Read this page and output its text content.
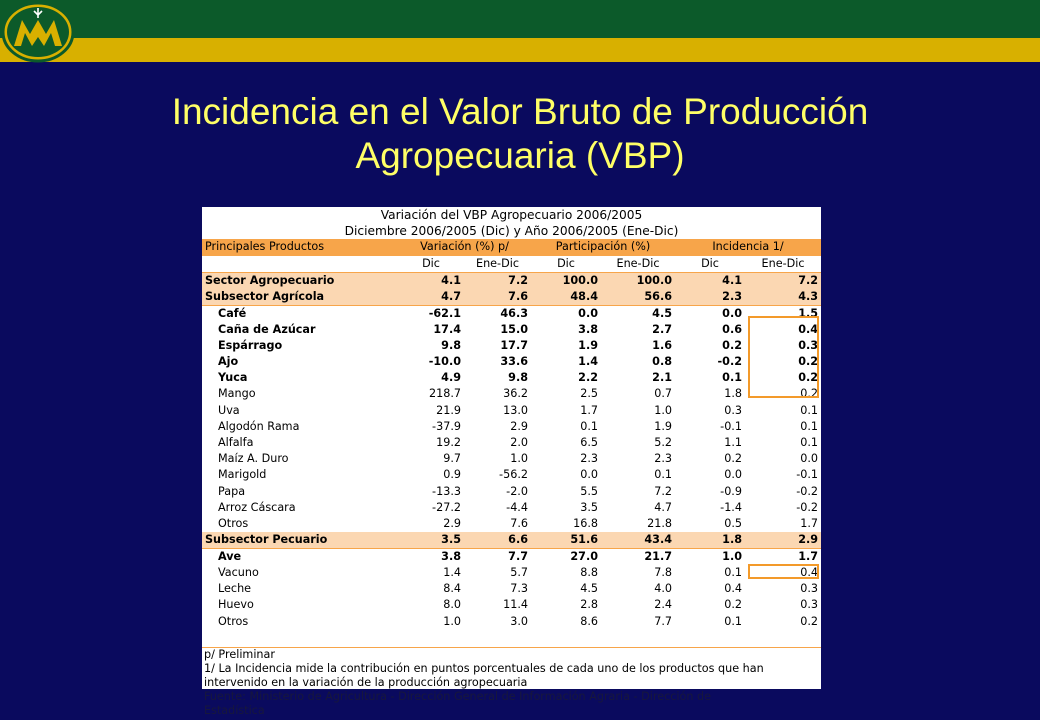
Incidencia en el Valor Bruto de Producción
Agropecuaria (VBP)
Variación del VBP Agropecuario 2006/2005						
Diciembre 2006/2005 (Dic) y Año 2006/2005 (Ene-Dic)						
Principales Productos	Variación (%) p/		Participación (%)		Incidencia 1/	
	Dic	Ene-Dic	Dic	Ene-Dic	Dic	Ene-Dic
Sector Agropecuario	4.1	7.2	100.0	100.0	4.1	7.2
Subsector Agrícola	4.7	7.6	48.4	56.6	2.3	4.3
Café	-62.1	46.3	0.0	4.5	0.0	1.5
Caña de Azúcar	17.4	15.0	3.8	2.7	0.6	0.4
Espárrago	9.8	17.7	1.9	1.6	0.2	0.3
Ajo	-10.0	33.6	1.4	0.8	-0.2	0.2
Yuca	4.9	9.8	2.2	2.1	0.1	0.2
Mango	218.7	36.2	2.5	0.7	1.8	0.2
Uva	21.9	13.0	1.7	1.0	0.3	0.1
Algodón Rama	-37.9	2.9	0.1	1.9	-0.1	0.1
Alfalfa	19.2	2.0	6.5	5.2	1.1	0.1
Maíz A. Duro	9.7	1.0	2.3	2.3	0.2	0.0
Marigold	0.9	-56.2	0.0	0.1	0.0	-0.1
Papa	-13.3	-2.0	5.5	7.2	-0.9	-0.2
Arroz Cáscara	-27.2	-4.4	3.5	4.7	-1.4	-0.2
Otros	2.9	7.6	16.8	21.8	0.5	1.7
Subsector Pecuario	3.5	6.6	51.6	43.4	1.8	2.9
Ave	3.8	7.7	27.0	21.7	1.0	1.7
Vacuno	1.4	5.7	8.8	7.8	0.1	0.4
Leche	8.4	7.3	4.5	4.0	0.4	0.3
Huevo	8.0	11.4	2.8	2.4	0.2	0.3
Otros	1.0	3.0	8.6	7.7	0.1	0.2
p/ Preliminar
1/ La Incidencia mide la contribución en puntos porcentuales de cada uno de los productos que han
intervenido en la variación de la producción agropecuaria
Fuente: Ministerio de Agricultura - Dirección General de Información Agraria - Dirección de
Estadística
